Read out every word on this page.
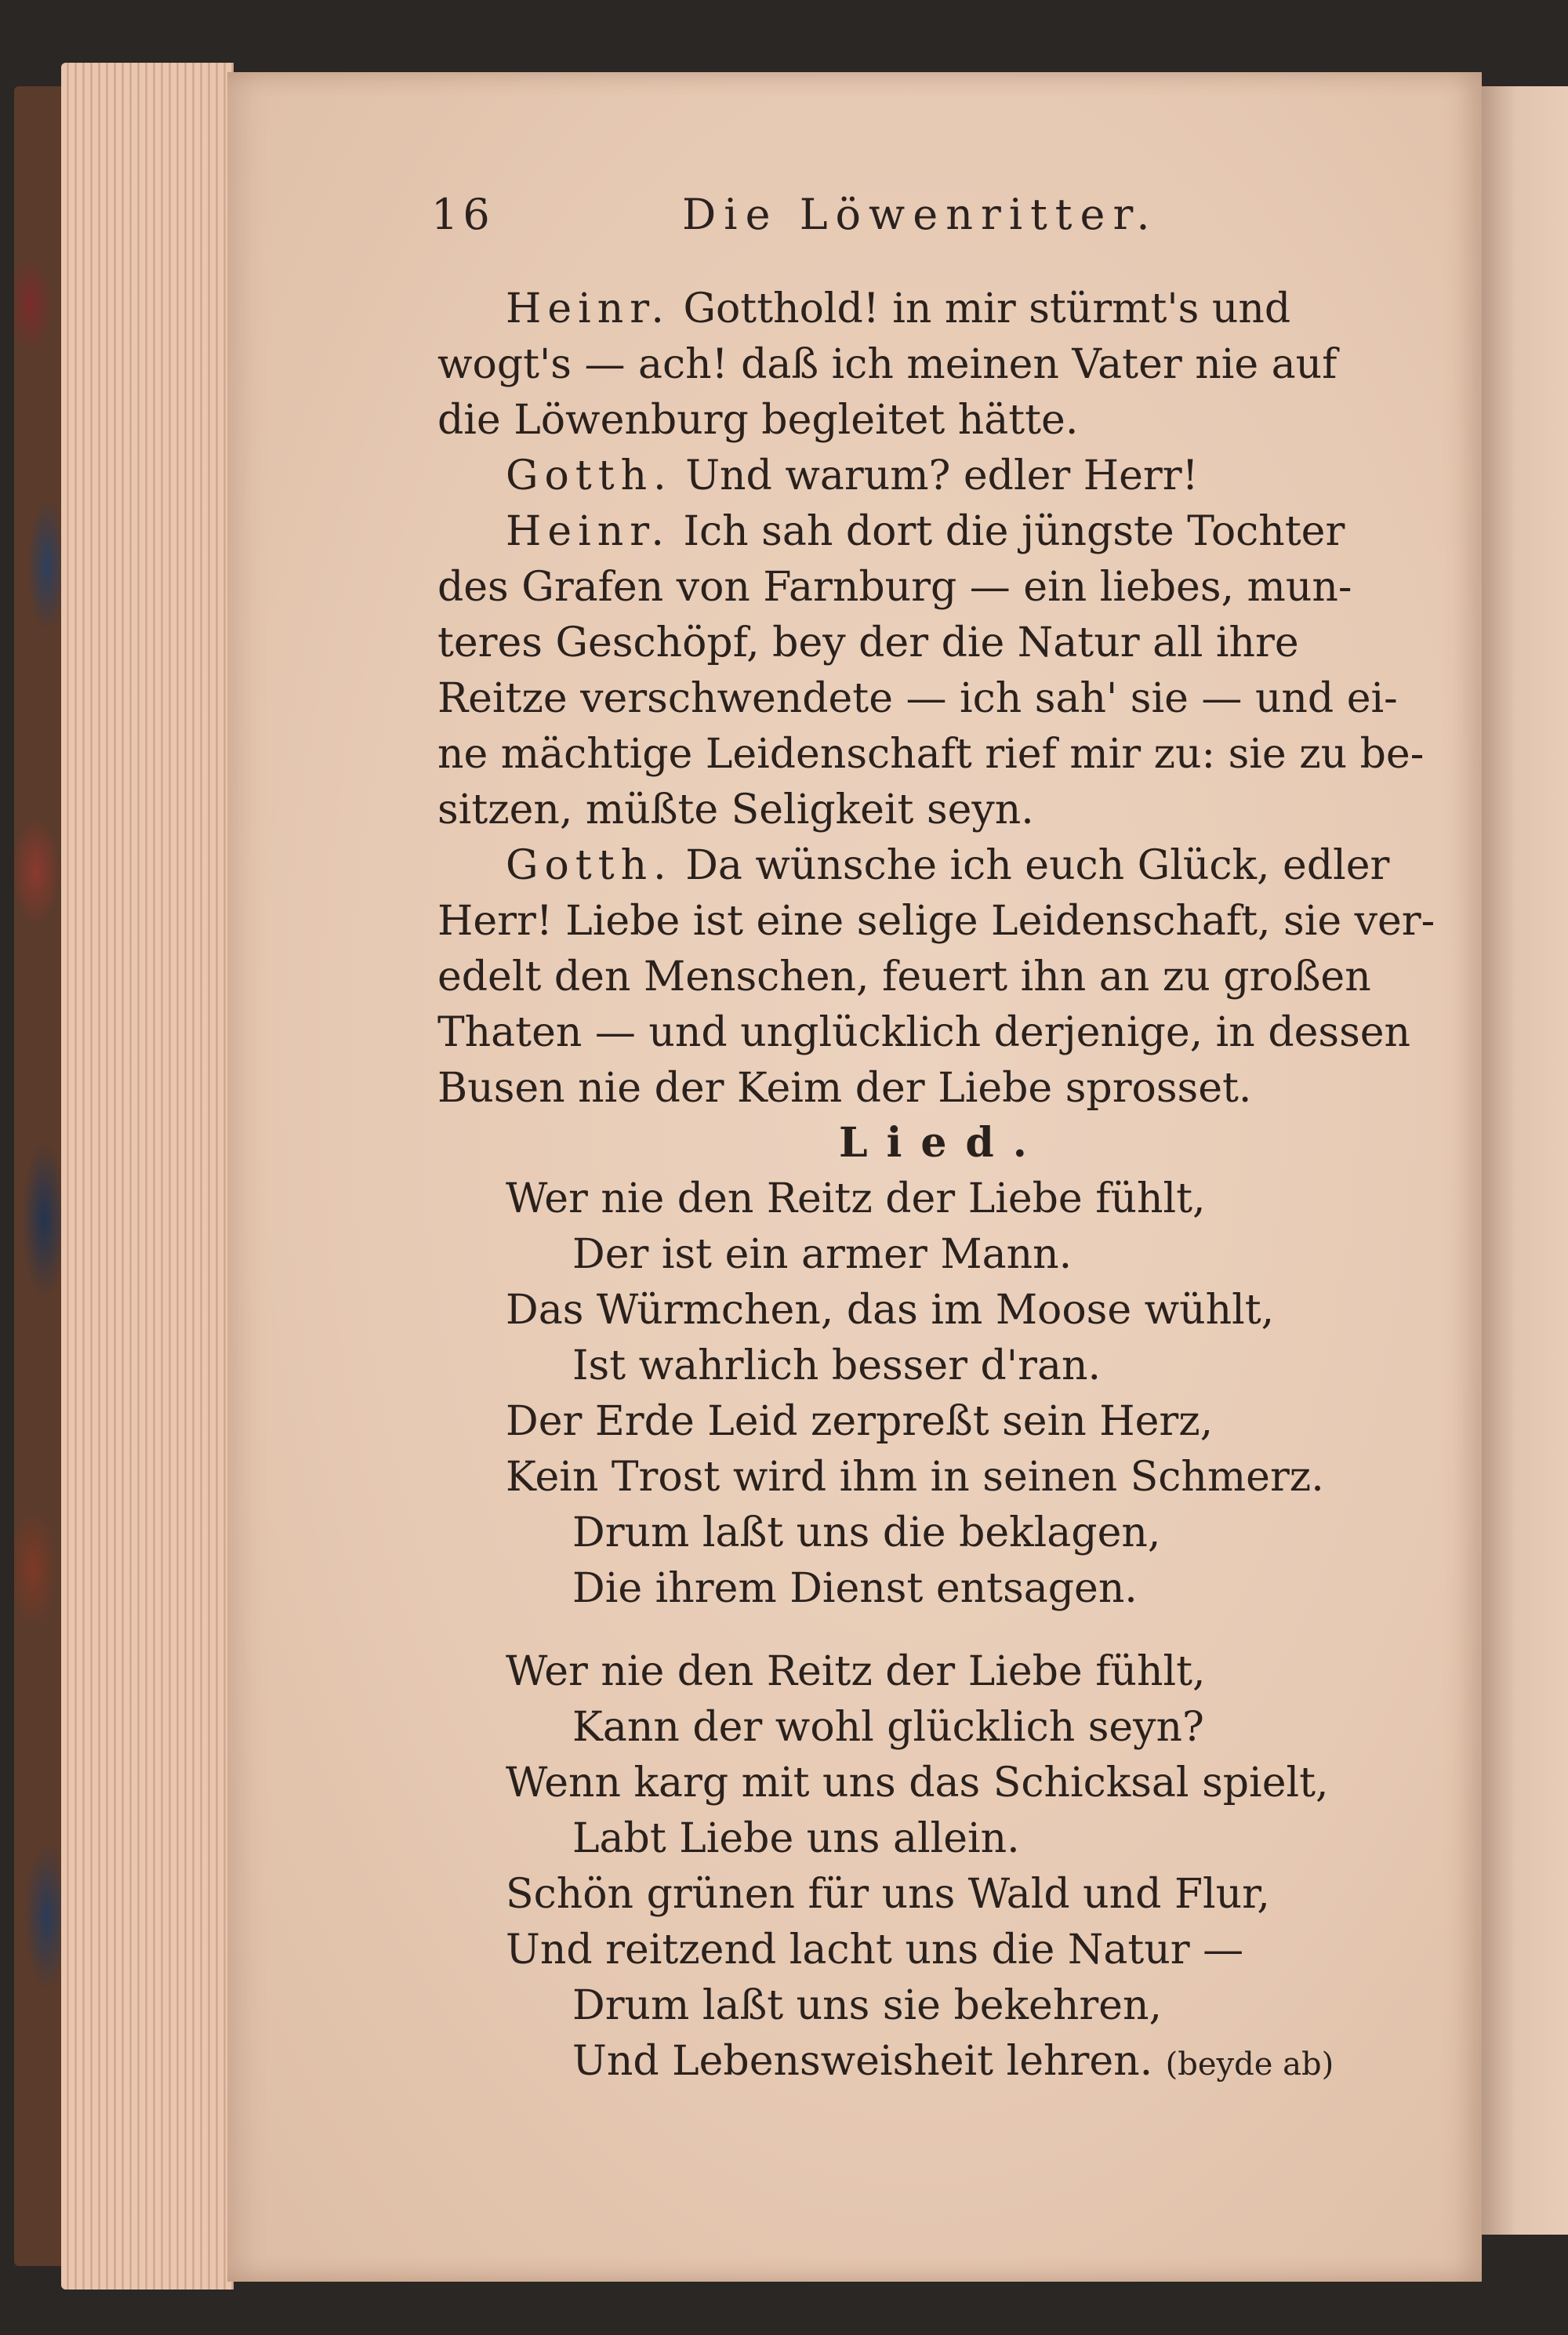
16	Die Löwenritter.
Heinr. Gotthold! in mir stürmt's und
wogt's — ach! daß ich meinen Vater nie auf
die Löwenburg begleitet hätte.
Gotth. Und warum? edler Herr!
Heinr. Ich sah dort die jüngste Tochter
des Grafen von Farnburg — ein liebes, mun-
teres Geschöpf, bey der die Natur all ihre
Reitze verschwendete — ich sah' sie — und ei-
ne mächtige Leidenschaft rief mir zu: sie zu be-
sitzen, müßte Seligkeit seyn.
Gotth. Da wünsche ich euch Glück, edler
Herr! Liebe ist eine selige Leidenschaft, sie ver-
edelt den Menschen, feuert ihn an zu großen
Thaten — und unglücklich derjenige, in dessen
Busen nie der Keim der Liebe sprosset.
Lied.
Wer nie den Reitz der Liebe fühlt,
Der ist ein armer Mann.
Das Würmchen, das im Moose wühlt,
Ist wahrlich besser d'ran.
Der Erde Leid zerpreßt sein Herz,
Kein Trost wird ihm in seinen Schmerz.
Drum laßt uns die beklagen,
Die ihrem Dienst entsagen.
Wer nie den Reitz der Liebe fühlt,
Kann der wohl glücklich seyn?
Wenn karg mit uns das Schicksal spielt,
Labt Liebe uns allein.
Schön grünen für uns Wald und Flur,
Und reitzend lacht uns die Natur —
Drum laßt uns sie bekehren,
Und Lebensweisheit lehren. (beyde ab)
